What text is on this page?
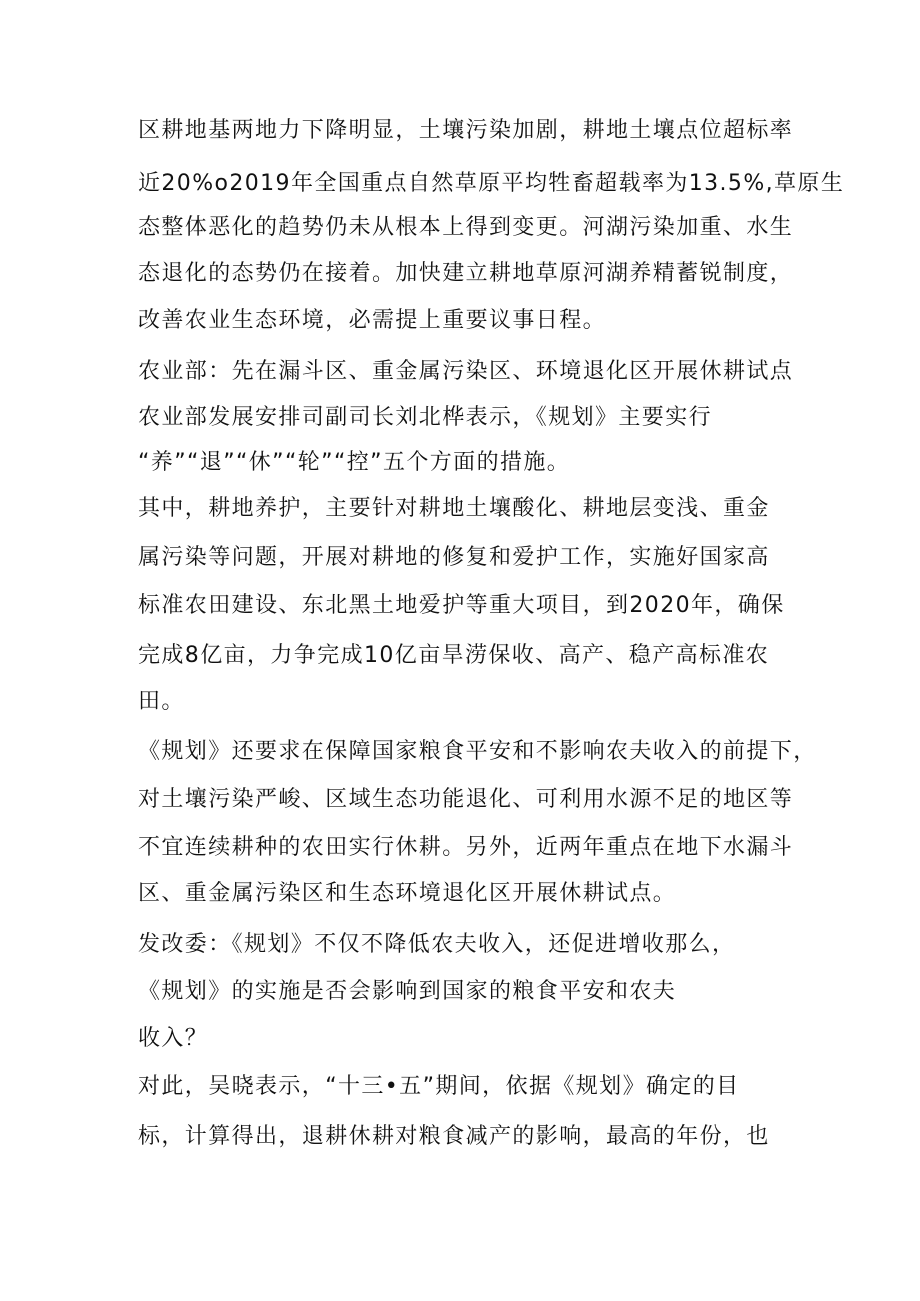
区耕地基两地力下降明显，土壤污染加剧，耕地土壤点位超标率
近20%o2019年全国重点自然草原平均牲畜超载率为13.5%,草原生
态整体恶化的趋势仍未从根本上得到变更。河湖污染加重、水生
态退化的态势仍在接着。加快建立耕地草原河湖养精蓄锐制度，
改善农业生态环境，必需提上重要议事日程。
农业部：先在漏斗区、重金属污染区、环境退化区开展休耕试点
农业部发展安排司副司长刘北桦表示，《规划》主要实行
“养”“退”“休”“轮”“控”五个方面的措施。
其中，耕地养护，主要针对耕地土壤酸化、耕地层变浅、重金
属污染等问题，开展对耕地的修复和爱护工作，实施好国家高
标准农田建设、东北黑土地爱护等重大项目，到2020年，确保
完成8亿亩，力争完成10亿亩旱涝保收、高产、稳产高标准农
田。
《规划》还要求在保障国家粮食平安和不影响农夫收入的前提下，
对土壤污染严峻、区域生态功能退化、可利用水源不足的地区等
不宜连续耕种的农田实行休耕。另外，近两年重点在地下水漏斗
区、重金属污染区和生态环境退化区开展休耕试点。
发改委：《规划》不仅不降低农夫收入，还促进增收那么，
《规划》的实施是否会影响到国家的粮食平安和农夫
收入？
对此，吴晓表示，“十三•五”期间，依据《规划》确定的目
标，计算得出，退耕休耕对粮食减产的影响，最高的年份，也
